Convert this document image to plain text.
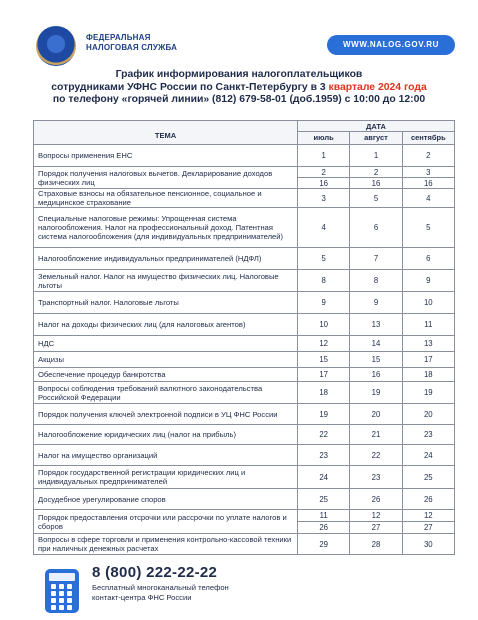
ФЕДЕРАЛЬНАЯ
НАЛОГОВАЯ СЛУЖБА	WWW.NALOG.GOV.RU
График информирования налогоплательщиков
сотрудниками УФНС России по Санкт-Петербургу в 3 квартале 2024 года
по телефону «горячей линии» (812) 679-58-01 (доб.1959) с 10:00 до 12:00
ТЕМА
ДАТА
июль	август	сентябрь
Вопросы применения ЕНС	1	1	2
Порядок получения налоговых вычетов. Декларирование доходов физических лиц
2	2	3
16	16	16
Страховые взносы на обязательное пенсионное, социальное и медицинское страхование	3	5	4
Специальные налоговые режимы: Упрощенная система налогообложения. Налог на профессиональный доход. Патентная система налогообложения (для индивидуальных предпринимателей)
4	6	5
Налогообложение индивидуальных предпринимателей (НДФЛ)	5	7	6
Земельный налог. Налог на имущество физических лиц. Налоговые льготы	8	8	9
Транспортный налог. Налоговые льготы	9	9	10
Налог на доходы физических лиц (для налоговых агентов)	10	13	11
НДС	12	14	13
Акцизы	15	15	17
Обеспечение процедур банкротства	17	16	18
Вопросы соблюдения требований валютного законодательства Российской Федерации	18	19	19
Порядок получения ключей электронной подписи в УЦ ФНС России	19	20	20
Налогообложение юридических лиц (налог на прибыль)	22	21	23
Налог на имущество организаций	23	22	24
Порядок государственной регистрации юридических лиц и индивидуальных предпринимателей	24	23	25
Досудебное урегулирование споров	25	26	26
Порядок предоставления отсрочки или рассрочки по уплате налогов и сборов
11	12	12
26	27	27
Вопросы в сфере торговли и применения контрольно-кассовой техники при наличных денежных расчетах	29	28	30
8 (800) 222-22-22
Бесплатный многоканальный телефон
контакт-центра ФНС России
